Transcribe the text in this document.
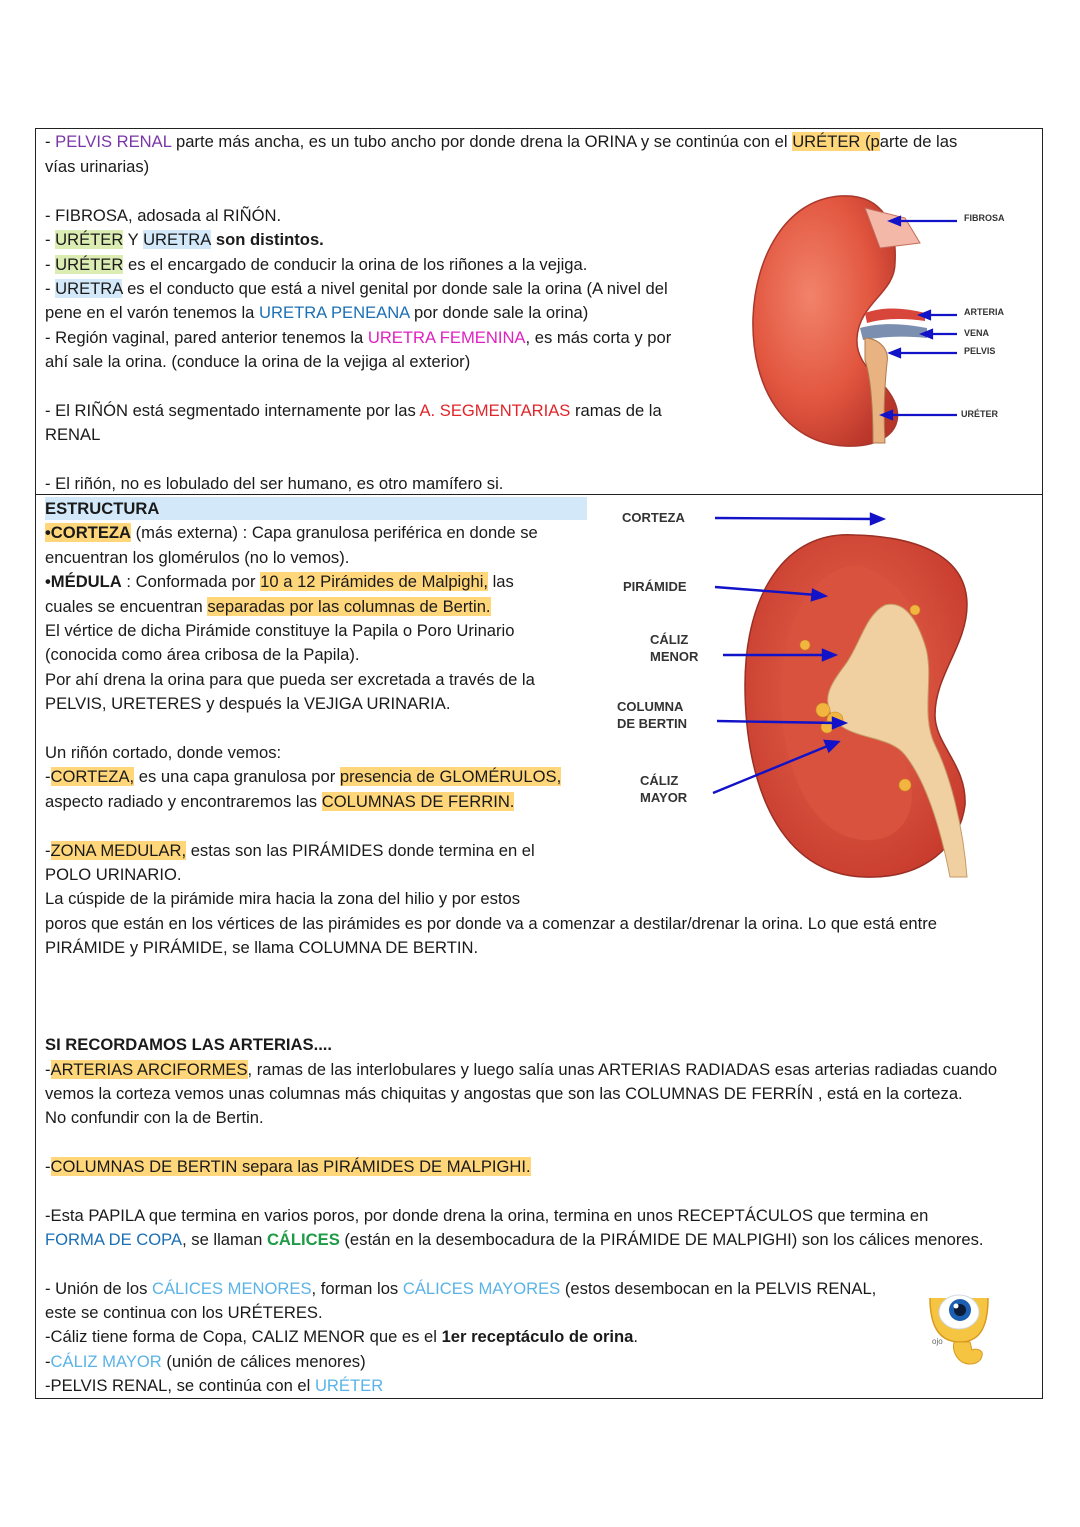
- PELVIS RENAL parte más ancha, es un tubo ancho por donde drena la ORINA y se continúa con el URÉTER (parte de las
vías urinarias)
- FIBROSA, adosada al RIÑÓN.
- URÉTER Y URETRA son distintos.
- URÉTER es el encargado de conducir la orina de los riñones a la vejiga.
- URETRA es el conducto que está a nivel genital por donde sale la orina (A nivel del
pene en el varón tenemos la URETRA PENEANA por donde sale la orina)
- Región vaginal, pared anterior tenemos la URETRA FEMENINA, es más corta y por
ahí sale la orina. (conduce la orina de la vejiga al exterior)
- El RIÑÓN está segmentado internamente por las A. SEGMENTARIAS ramas de la
RENAL
- El riñón, no es lobulado del ser humano, es otro mamífero si.
FIBROSA
ARTERIA
VENA
PELVIS
URÉTER
ESTRUCTURA
•CORTEZA (más externa) : Capa granulosa periférica en donde se
encuentran los glomérulos (no lo vemos).
•MÉDULA : Conformada por 10 a 12 Pirámides de Malpighi, las
cuales se encuentran separadas por las columnas de Bertin.
El vértice de dicha Pirámide constituye la Papila o Poro Urinario
(conocida como área cribosa de la Papila).
Por ahí drena la orina para que pueda ser excretada a través de la
PELVIS, URETERES y después la VEJIGA URINARIA.
Un riñón cortado, donde vemos:
-CORTEZA, es una capa granulosa por presencia de GLOMÉRULOS,
aspecto radiado y encontraremos las COLUMNAS DE FERRIN.
-ZONA MEDULAR, estas son las PIRÁMIDES donde termina en el
POLO URINARIO.
La cúspide de la pirámide mira hacia la zona del hilio y por estos
poros que están en los vértices de las pirámides es por donde va a comenzar a destilar/drenar la orina. Lo que está entre
PIRÁMIDE y PIRÁMIDE, se llama COLUMNA DE BERTIN.
SI RECORDAMOS LAS ARTERIAS....
-ARTERIAS ARCIFORMES, ramas de las interlobulares y luego salía unas ARTERIAS RADIADAS esas arterias radiadas cuando
vemos la corteza vemos unas columnas más chiquitas y angostas que son las COLUMNAS DE FERRÍN , está en la corteza.
No confundir con la de Bertin.
-COLUMNAS DE BERTIN separa las PIRÁMIDES DE MALPIGHI.
-Esta PAPILA que termina en varios poros, por donde drena la orina, termina en unos RECEPTÁCULOS que termina en
FORMA DE COPA, se llaman CÁLICES (están en la desembocadura de la PIRÁMIDE DE MALPIGHI) son los cálices menores.
- Unión de los CÁLICES MENORES, forman los CÁLICES MAYORES (estos desembocan en la PELVIS RENAL,
este se continua con los URÉTERES.
-Cáliz tiene forma de Copa, CALIZ MENOR que es el 1er receptáculo de orina.
-CÁLIZ MAYOR (unión de cálices menores)
-PELVIS RENAL, se continúa con el URÉTER
CORTEZA
PIRÁMIDE
CÁLIZ
MENOR
COLUMNA
DE BERTIN
CÁLIZ
MAYOR
ojo
